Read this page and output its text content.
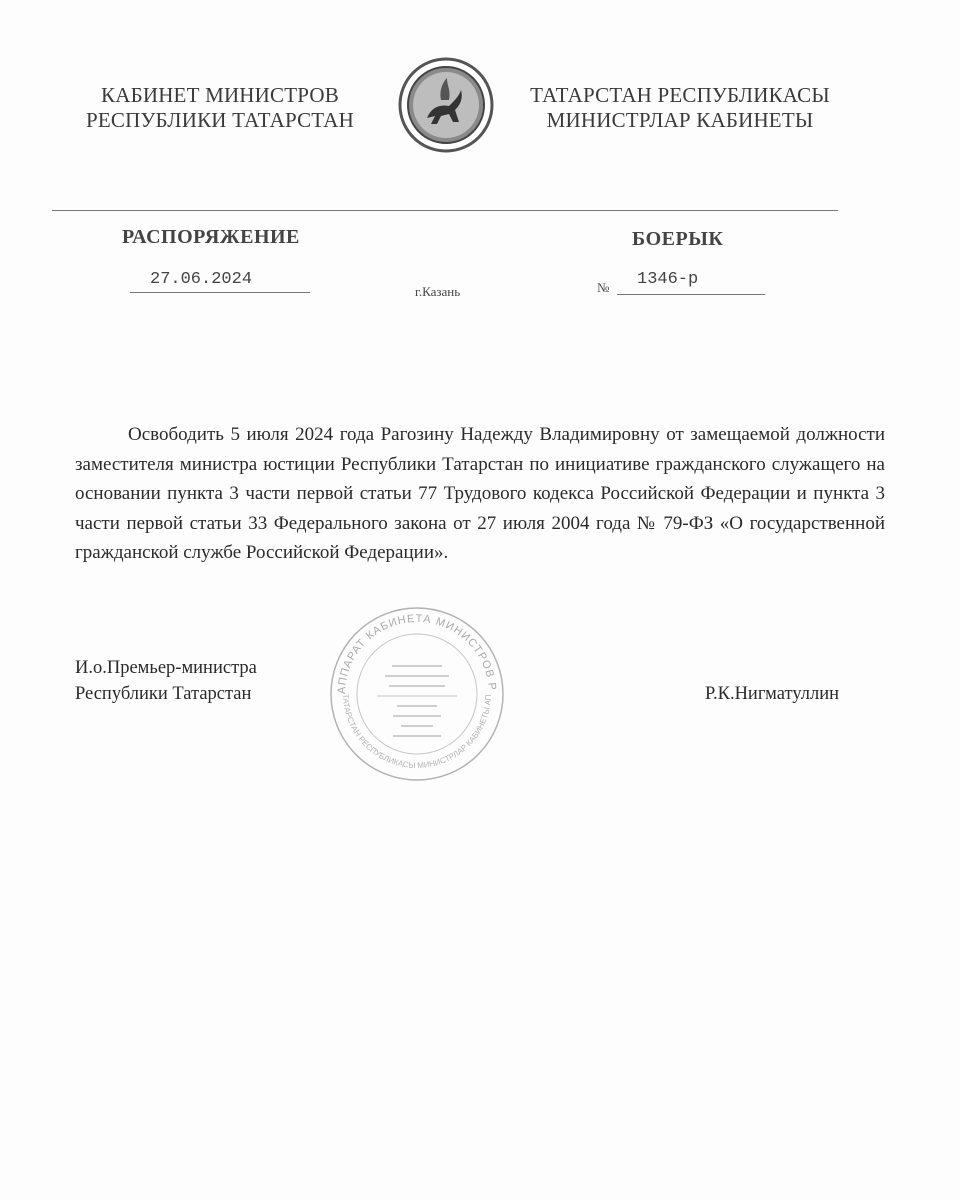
КАБИНЕТ МИНИСТРОВ
РЕСПУБЛИКИ ТАТАРСТАН
ТАТАРСТАН РЕСПУБЛИКАСЫ
МИНИСТРЛАР КАБИНЕТЫ
РАСПОРЯЖЕНИЕ	БОЕРЫК
27.06.2024
г.Казань	№ 1346-р
Освободить 5 июля 2024 года Рагозину Надежду Владимировну от замещаемой должности заместителя министра юстиции Республики Татарстан по инициативе гражданского служащего на основании пункта 3 части первой статьи 77 Трудового кодекса Российской Федерации и пункта 3 части первой статьи 33 Федерального закона от 27 июля 2004 года № 79-ФЗ «О государственной гражданской службе Российской Федерации».
И.о.Премьер-министра
Республики Татарстан	Р.К.Нигматуллин
АППАРАТ КАБИНЕТА МИНИСТРОВ Р
ТАТАРСТАН РЕСПУБЛИКАСЫ МИНИСТРЛАР КАБИНЕТЫ АП
